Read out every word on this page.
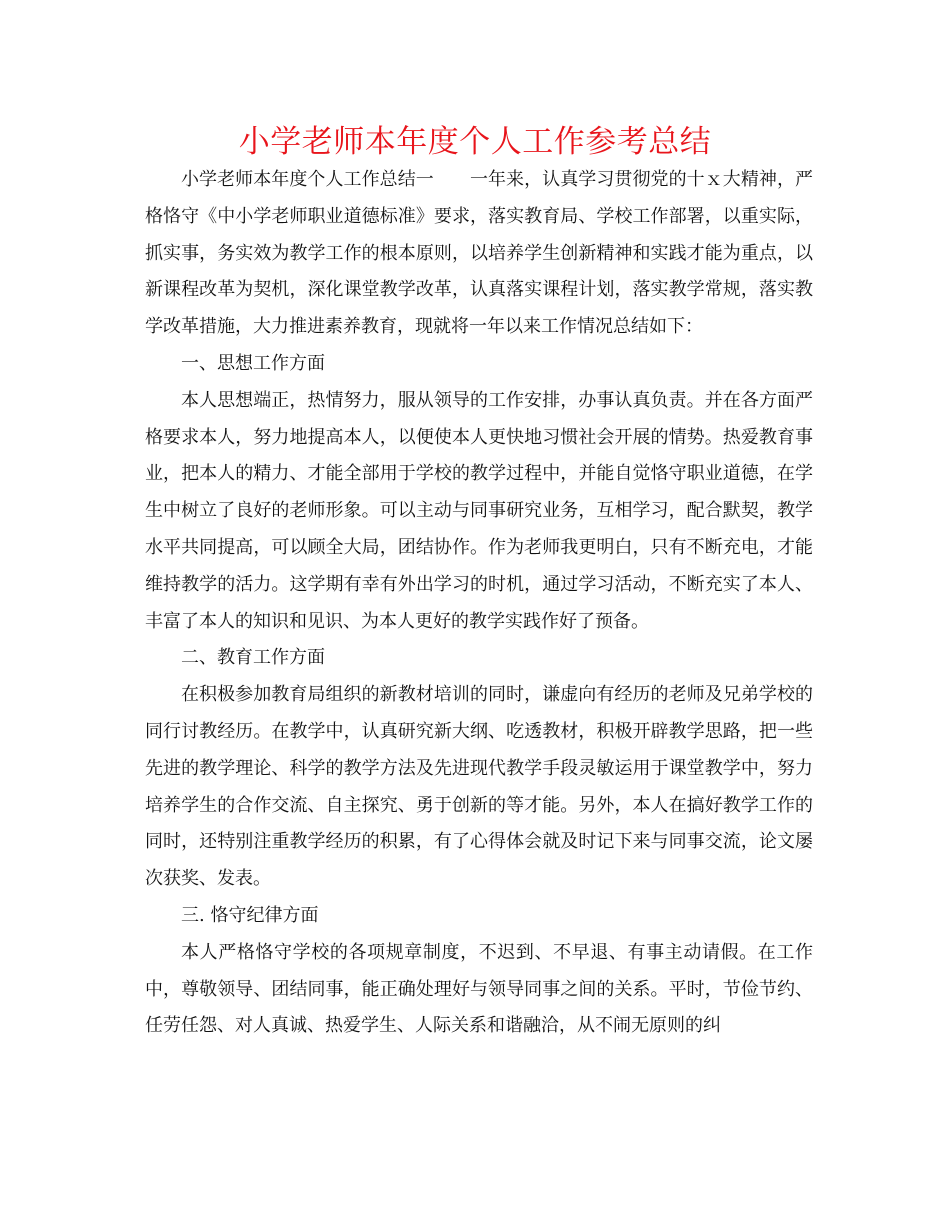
小学老师本年度个人工作参考总结

小学老师本年度个人工作总结一　　一年来，认真学习贯彻党的十ｘ大精神，严格恪守《中小学老师职业道德标准》要求，落实教育局、学校工作部署，以重实际，抓实事，务实效为教学工作的根本原则，以培养学生创新精神和实践才能为重点，以新课程改革为契机，深化课堂教学改革，认真落实课程计划，落实教学常规，落实教学改革措施，大力推进素养教育，现就将一年以来工作情况总结如下：

一、思想工作方面

本人思想端正，热情努力，服从领导的工作安排，办事认真负责。并在各方面严格要求本人，努力地提高本人，以便使本人更快地习惯社会开展的情势。热爱教育事业，把本人的精力、才能全部用于学校的教学过程中，并能自觉恪守职业道德，在学生中树立了良好的老师形象。可以主动与同事研究业务，互相学习，配合默契，教学水平共同提高，可以顾全大局，团结协作。作为老师我更明白，只有不断充电，才能维持教学的活力。这学期有幸有外出学习的时机，通过学习活动，不断充实了本人、丰富了本人的知识和见识、为本人更好的教学实践作好了预备。

二、教育工作方面

在积极参加教育局组织的新教材培训的同时，谦虚向有经历的老师及兄弟学校的同行讨教经历。在教学中，认真研究新大纲、吃透教材，积极开辟教学思路，把一些先进的教学理论、科学的教学方法及先进现代教学手段灵敏运用于课堂教学中，努力培养学生的合作交流、自主探究、勇于创新的等才能。另外，本人在搞好教学工作的同时，还特别注重教学经历的积累，有了心得体会就及时记下来与同事交流，论文屡次获奖、发表。

三. 恪守纪律方面

本人严格恪守学校的各项规章制度，不迟到、不早退、有事主动请假。在工作中，尊敬领导、团结同事，能正确处理好与领导同事之间的关系。平时，节俭节约、任劳任怨、对人真诚、热爱学生、人际关系和谐融洽，从不闹无原则的纠
